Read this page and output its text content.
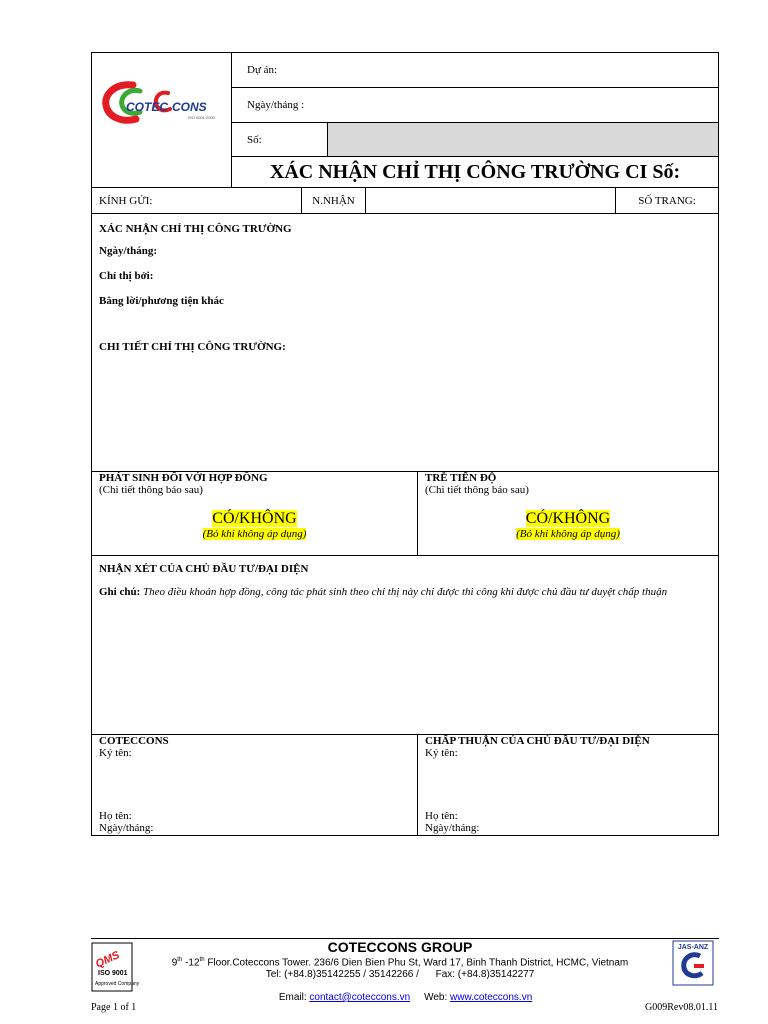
COTEC CONS
ISO 9001:2000
Dự án:
Ngày/tháng :
Số:
XÁC NHẬN CHỈ THỊ CÔNG TRƯỜNG CI Số:
KÍNH GỬI:	N.NHẬN	SỐ TRANG:
XÁC NHẬN CHỈ THỊ CÔNG TRƯỜNG
Ngày/tháng:
Chỉ thị bởi:
Bằng lời/phương tiện khác
CHI TIẾT CHỈ THỊ CÔNG TRƯỜNG:
PHÁT SINH ĐỐI VỚI HỢP ĐỒNG
(Chi tiết thông báo sau)
CÓ/KHÔNG
(Bỏ khi không áp dụng)
TRỄ TIẾN ĐỘ
(Chi tiết thông báo sau)
CÓ/KHÔNG
(Bỏ khi không áp dụng)
NHẬN XÉT CỦA CHỦ ĐẦU TƯ/ĐẠI DIỆN
Ghi chú: Theo điều khoản hợp đồng, công tác phát sinh theo chỉ thị này chỉ được thi công khi được chủ đầu tư duyệt chấp thuận
COTECCONS
Ký tên:
Họ tên:
Ngày/tháng:
CHẤP THUẬN CỦA CHỦ ĐẦU TƯ/ĐẠI DIỆN
Ký tên:
Họ tên:
Ngày/tháng:
QMS
ISO 9001
Approved Company
COTECCONS GROUP
9th -12th Floor.Coteccons Tower. 236/6 Dien Bien Phu St, Ward 17, Binh Thanh District, HCMC, Vietnam
Tel: (+84.8)35142255 / 35142266 /      Fax: (+84.8)35142277

Email: contact@coteccons.vn     Web: www.coteccons.vn

JAS-ANZ
Page 1 of 1	G009Rev08.01.11
